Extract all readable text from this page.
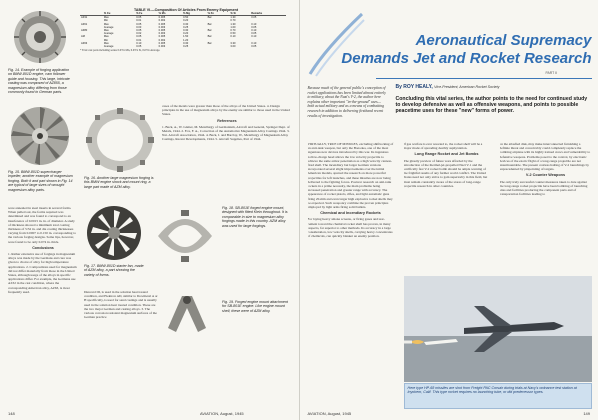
Fig. 14. Example of forging application on BMW-801D engine, cam follower guide and housing. This large, intricate casting was composed of AZ855, a magnesium alloy differing from those commonly found in German parts.
TABLE VI.—Composition Of Articles From Enemy Equipment
	% Cu	% Fe	% Mn	% Mg	% Zn	% Si	Remarks	
AZ31	Max	0.05	0.005	0.50	Bal	1.30	0.05	
	Min	0.01	0.002	0.20		0.70		
AZ61	Max	0.05	0.005	0.30	Bal	1.30	0.10	
	Average	0.03	0.003	0.25		1.00	0.05	
AZ80	Max	0.05	0.005	0.30	Bal	0.70	0.10	
	Average	0.02	0.003	0.20		0.50	0.05	
AM	Max	0.05	0.005	1.50	Bal	0.10	0.10	
	Min	0.01	0.002	1.20				
AZ63	Max	0.10	0.005	0.30	Bal	3.30	0.10	
	Average	0.05	0.003	0.25		3.00	0.05	
* Trial cast parts including series 0.03% Mn, 0.03% Si, 0.03% Average.
Fig. 15. BMW-801D supercharger impeller, another example of magnesium forging. Both it and part shown in Fig. 14 are typical of large sizes of wrought magnesium alloy parts.
Fig. 16. Another large magnesium forging is this BMW engine shock and mount ring, a large part made of AZM alloy.
cases of the metals were greater than those of the alloys of the United States. 4. Design principles in the use of magnesium alloys by the enemy are similar to those used in the United States.
References
1. Beck, A., W. Gleiter, M. Metallurgy of Germanium, Aircraft and General, Springer Dept. of Metals, 1944. 2. Fox, F. A., Correction of the Automotive Magnesium Alloy Castings 1944. 3. Nat. Aircraft Association, 1944. 4. Beck, J. and Barclay, W., Metallurgy of Magnesium Alloy Castings, Recent Developments, 1944. 5. Aircraft Supplies, Part of 1944.
were annealed in steel inserts in several forms. When pulled out, the forms required was determined and was found to correspond to an interference of 0.0015 in. in. of diameter. A study of thickness showed a minimum total coating thickness of 5/32 in. and die coating thicknesses varying from 0.0007 to 0.150 in. corresponding to the various forging designs. Some lips, however, were found to be only 0.074 in. thick.
Conclusions
1. Rather extensive use of forgings in magnesium alloys was made by the Germans and care was given to choice of alloy for high temperature applications. 2. Compositions used for magnesium did not differ materially from those in the United States, although usage of the alloys in specific applications differ. For example, the Germans use AZ32 in the cast condition, where the corresponding American alloy, AZ63, is most frequently used.
Fig. 17. BMW-801D starter fan, made of AZM alloy, a part showing the variety of forms.
Fig. 18. SB-801E forged engine mount, designed with fitted Klein throughout. It is comparable in size to magnesium alloy forgings made in this country. AZM alloy was used for large forgings.
Fig. 19. Forged engine mount attachment for SB-801E engine. Like engine mount shell, these were of AZM alloy.
Duncard III, is used in the solution heat treated condition, and Elektron AD, similar to Dowmetal A or H specifically, is used for sand castings and is usually used in the solution heat treated condition. These are the two major German and casting alloys. 3. The various corrosion resistant magnesium surfaces of the German practice
148	AVIATION, August, 1945
Aeronautical Supremacy
Demands Jet and Rocket Research
PART II
Because much of the general public's conception of rocket applications has been limited almost entirely to military, about the Nazi's V-2, the author here explains other important "in-the-ground" uses—both actual military and as a means of combatting research in addition to delivering firsthand recent results of investigation.
By ROY HEALY, Vice-President, American Rocket Society
Concluding this vital series, the author points to the need for continued study to develop defensive as well as offensive weapons, and points to possible peacetime uses for these "new" forms of power.
VIRTUALLY, TRUE OF MISSILES, excluding shiftlocking of an anti-tank weapon, but only the Bazooka, one of the most ingenious new devices introduced by this war. Its ingenious hollow-charge head allows the low velocity projectile to achieve the same armor penetration as a high velocity cannon-fired shell. The incendiary but larger German versions incorporated several slight improvements over the initial American models, spurred the research on more powerful projectiles for lefi launches, and these missiles are now being delivered to the fighting forces. Postwar research on anti-tank rockets in a prime necessity, the main problems being increased penetration and greater range with accuracy. The appearance of rocket pistols, rifles, and light automatic guns firing 20-mm and even larger high explosive rocket shells may be expected. Such weaponry combine the proven principles employed by light arms firing solid bullets.
Chemical and Incendiary Rockets
For laying heavy smoke screens, or firing gases and tear-cement toward the chemical rocket shell has proven, in many respects, far superior to other methods. Its accuracy in a large consideration, low velocity shells, carrying heavy concentrates of chemicals, can quickly blanket an enemy position.
If gas warfare is ever resorted to, the rocket shell will be a major mode of spreading deathly asphyxiation.
Long Range Rocket and Jet Bombs
The ghastly preview of future wars afforded by the introduction of the thermal-jet-propelled Nazi V-1 and the terrifically fast V-2 rocket bomb should be ample warning of the frightful results of any further world conflict. The United States need not only strive to gain superiority in this field, but must remain constantly aware of the stores of long-range projectile research in other countries.
on the atlasfied disk, may make interconnected furnishing a definite threat and conceivably could completely replace the bombing airplane with its highly trained crews and vulnerability to defensive weapons. Problems posed to the control, by electronic devices of the exotic flight of a long-range projectile are not insurmountable. The present costless halting of V-2 launchings by unprecedented by pinpointing of targets.
V-2 Counter Weapons
The only truly successful counter measures taken to date against the long-range rocket projectile have been bombing of launching sites and facilities producing the component parts and of transportation facilities leading to
Here type HP-68 missiles are shot from Freight PAC Corsair during trials at Navy's ordnance test station at Inyokern, Calif. This type rocket requires no launching tube, or did predecessor types.
AVIATION, August, 1945	149
